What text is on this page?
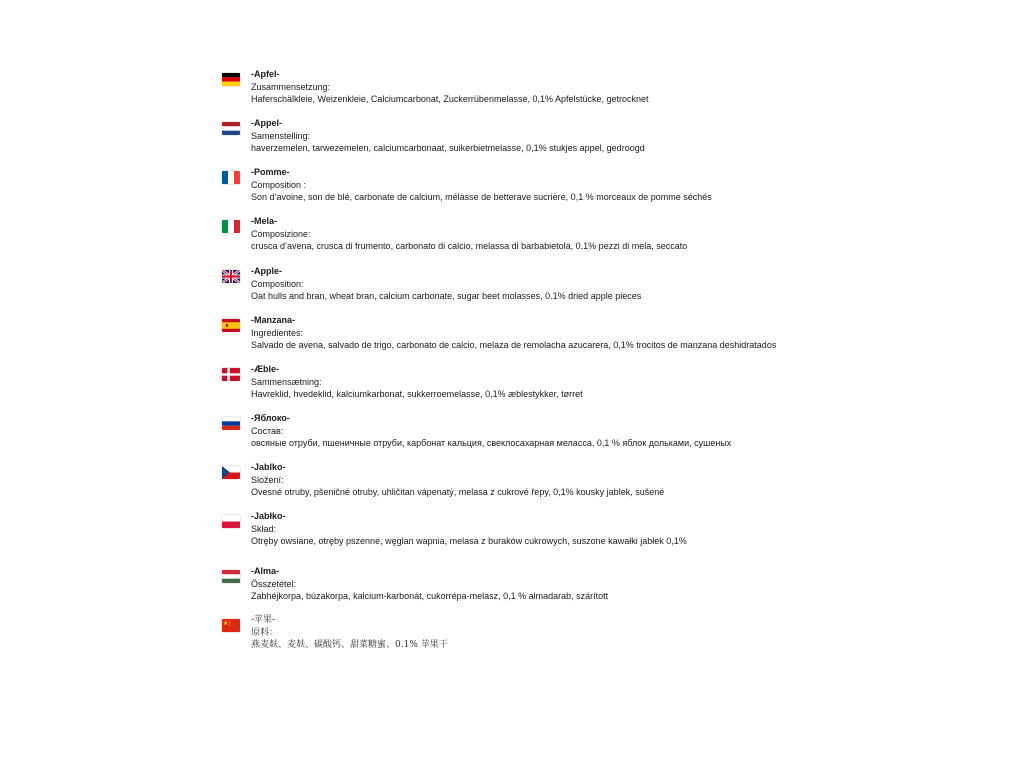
-Apfel-
Zusammensetzung:
Haferschälkleie, Weizenkleie, Calciumcarbonat, Zuckerrübenmelasse, 0,1% Apfelstücke, getrocknet
-Appel-
Samenstelling:
haverzemelen, tarwezemelen, calciumcarbonaat, suikerbietmelasse, 0,1% stukjes appel, gedroogd
-Pomme-
Composition :
Son d’avoine, son de blé, carbonate de calcium, mélasse de betterave sucrière, 0,1 % morceaux de pomme séchés
-Mela-
Composizione:
crusca d’avena, crusca di frumento, carbonato di calcio, melassa di barbabietola, 0,1% pezzi di mela, seccato
-Apple-
Composition:
Oat hulls and bran, wheat bran, calcium carbonate, sugar beet molasses, 0.1% dried apple pieces
-Manzana-
Ingredientes:
Salvado de avena, salvado de trigo, carbonato de calcio, melaza de remolacha azucarera, 0,1% trocitos de manzana deshidratados
-Æble-
Sammensætning:
Havreklid, hvedeklid, kalciumkarbonat, sukkerroemelasse, 0,1% æblestykker, tørret
-Яблоко-
Состав:
овсяные отруби, пшеничные отруби, карбонат кальция, свеклосахарная меласса, 0,1 % яблок дольками, сушеных
-Jablko-
Složení:
Ovesné otruby, pšeničné otruby, uhličitan vápenatý, melasa z cukrové řepy, 0,1% kousky jablek, sušené
-Jabłko-
Skład:
Otręby owsiane, otręby pszenne, węglan wapnia, melasa z buraków cukrowych, suszone kawałki jabłek 0,1%
-Alma-
Összetétel:
Zabhéjkorpa, búzakorpa, kalcium-karbonát, cukorrépa-melasz, 0,1 % almadarab, szárított
-苹果-
原料：
燕麦麸、麦麸、碳酸钙、甜菜糖蜜、0.1% 苹果干
